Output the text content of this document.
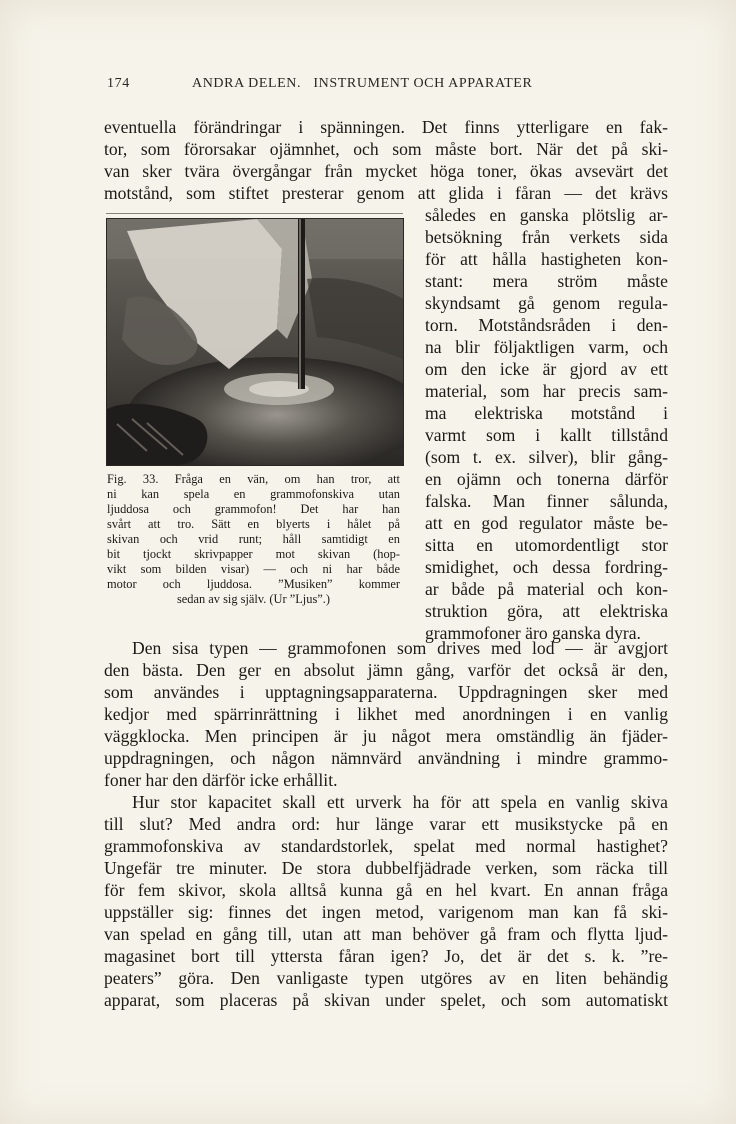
174	ANDRA DELEN.   INSTRUMENT OCH APPARATER
eventuella förändringar i spänningen. Det finns ytterligare en fak-
tor, som förorsakar ojämnhet, och som måste bort. När det på ski-
van sker tvära övergångar från mycket höga toner, ökas avsevärt det
motstånd, som stiftet presterar genom att glida i fåran — det krävs
således en ganska plötslig ar-
betsökning från verkets sida
för att hålla hastigheten kon-
stant: mera ström måste
skyndsamt gå genom regula-
torn. Motståndsråden i den-
na blir följaktligen varm, och
om den icke är gjord av ett
material, som har precis sam-
ma elektriska motstånd i
varmt som i kallt tillstånd
(som t. ex. silver), blir gång-
en ojämn och tonerna därför
falska. Man finner sålunda,
att en god regulator måste be-
sitta en utomordentligt stor
smidighet, och dessa fordring-
ar både på material och kon-
struktion göra, att elektriska
grammofoner äro ganska dyra.
Fig. 33. Fråga en vän, om han tror, att
ni kan spela en grammofonskiva utan
ljuddosa och grammofon! Det har han
svårt att tro. Sätt en blyerts i hålet på
skivan och vrid runt; håll samtidigt en
bit tjockt skrivpapper mot skivan (hop-
vikt som bilden visar) — och ni har både
motor och ljuddosa. ”Musiken” kommer
sedan av sig själv. (Ur ”Ljus”.)
Den sisa typen — grammofonen som drives med lod — är avgjort
den bästa. Den ger en absolut jämn gång, varför det också är den,
som användes i upptagningsapparaterna. Uppdragningen sker med
kedjor med spärrinrättning i likhet med anordningen i en vanlig
väggklocka. Men principen är ju något mera omständlig än fjäder-
uppdragningen, och någon nämnvärd användning i mindre grammo-
foner har den därför icke erhållit.
Hur stor kapacitet skall ett urverk ha för att spela en vanlig skiva
till slut? Med andra ord: hur länge varar ett musikstycke på en
grammofonskiva av standardstorlek, spelat med normal hastighet?
Ungefär tre minuter. De stora dubbelfjädrade verken, som räcka till
för fem skivor, skola alltså kunna gå en hel kvart. En annan fråga
uppställer sig: finnes det ingen metod, varigenom man kan få ski-
van spelad en gång till, utan att man behöver gå fram och flytta ljud-
magasinet bort till yttersta fåran igen? Jo, det är det s. k. ”re-
peaters” göra. Den vanligaste typen utgöres av en liten behändig
apparat, som placeras på skivan under spelet, och som automatiskt
